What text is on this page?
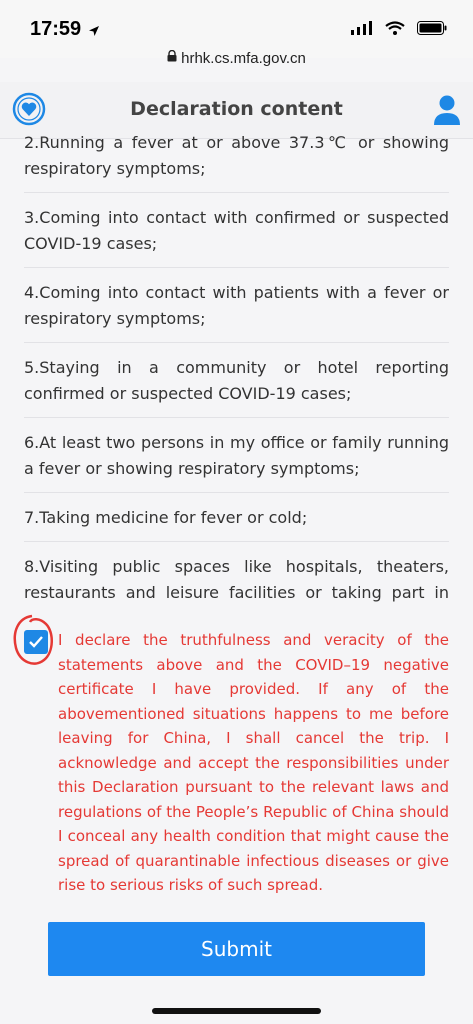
17:59
hrhk.cs.mfa.gov.cn
Declaration content
2.Running a fever at or above 37.3℃ or showing respiratory symptoms;
3.Coming into contact with confirmed or suspected COVID-19 cases;
4.Coming into contact with patients with a fever or respiratory symptoms;
5.Staying in a community or hotel reporting confirmed or suspected COVID-19 cases;
6.At least two persons in my office or family running a fever or showing respiratory symptoms;
7.Taking medicine for fever or cold;
8.Visiting public spaces like hospitals, theaters, restaurants and leisure facilities or taking part in
I declare the truthfulness and veracity of the statements above and the COVID–19 negative certificate I have provided. If any of the abovementioned situations happens to me before leaving for China, I shall cancel the trip. I acknowledge and accept the responsibilities under this Declaration pursuant to the relevant laws and regulations of the People’s Republic of China should I conceal any health condition that might cause the spread of quarantinable infectious diseases or give rise to serious risks of such spread.
Submit
